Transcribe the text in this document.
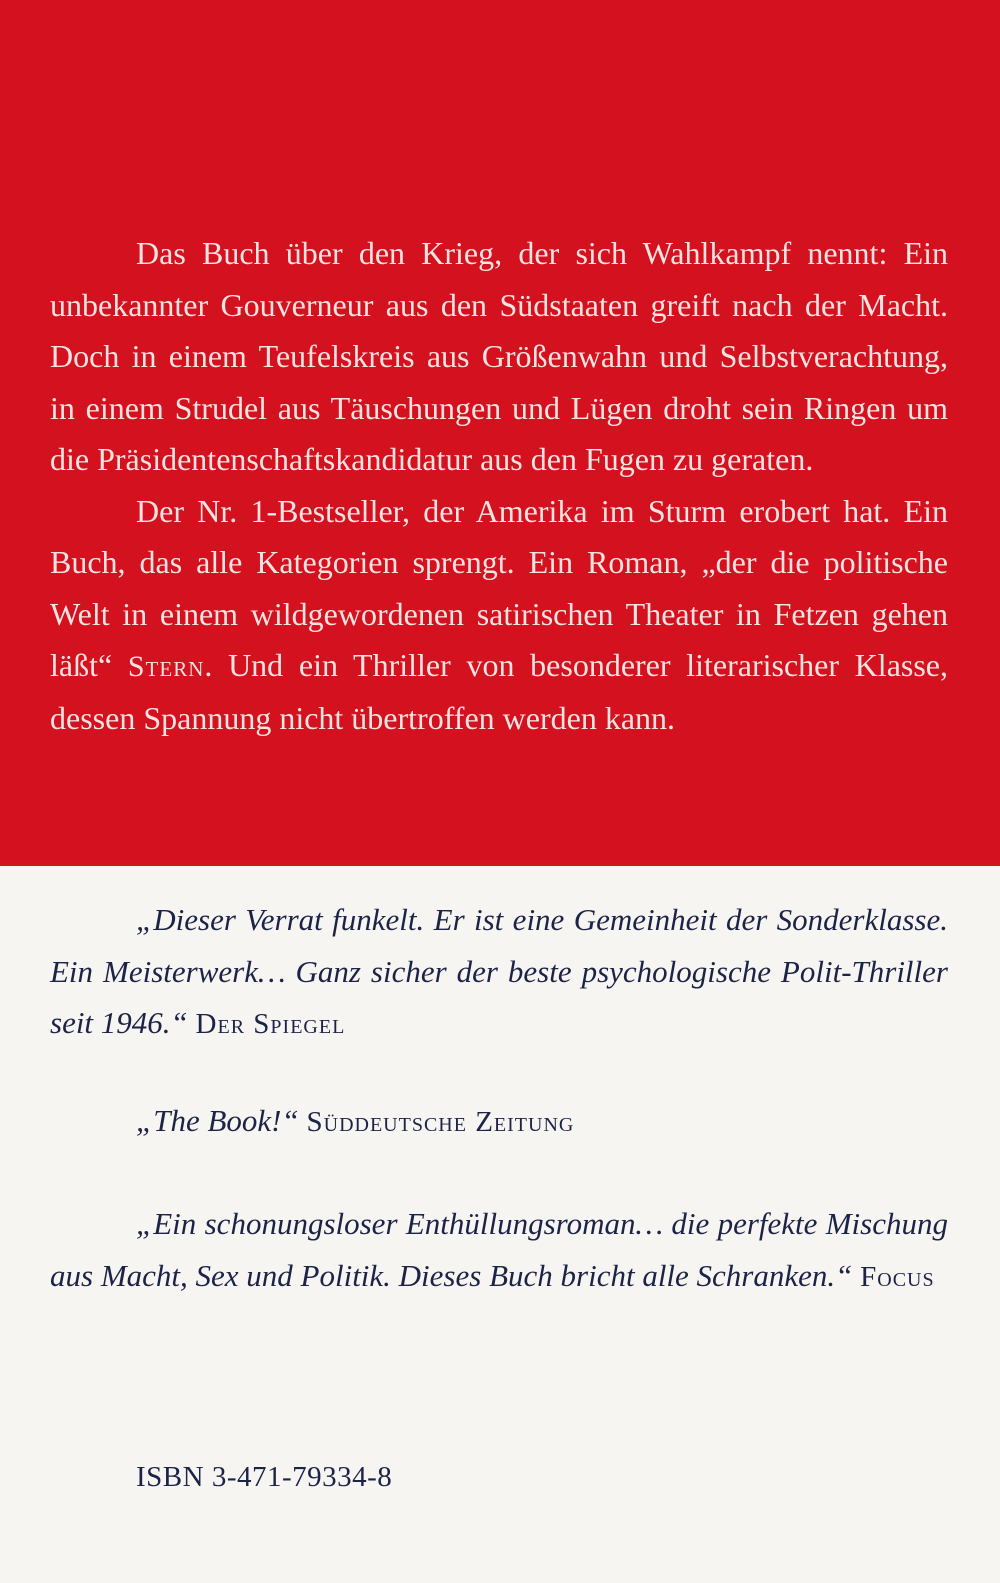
Das Buch über den Krieg, der sich Wahlkampf nennt: Ein unbekannter Gouverneur aus den Südstaaten greift nach der Macht. Doch in einem Teufelskreis aus Größenwahn und Selbstverachtung, in einem Strudel aus Täuschungen und Lügen droht sein Ringen um die Präsidentenschaftskandidatur aus den Fugen zu geraten.

Der Nr. 1-Bestseller, der Amerika im Sturm erobert hat. Ein Buch, das alle Kategorien sprengt. Ein Roman, „der die politische Welt in einem wildgewordenen satirischen Theater in Fetzen gehen läßt“ Stern. Und ein Thriller von besonderer literarischer Klasse, dessen Spannung nicht übertroffen werden kann.

„Dieser Verrat funkelt. Er ist eine Gemeinheit der Sonderklasse. Ein Meisterwerk… Ganz sicher der beste psychologische Polit-Thriller seit 1946.“ Der Spiegel

„The Book!“ Süddeutsche Zeitung

„Ein schonungsloser Enthüllungsroman… die perfekte Mischung aus Macht, Sex und Politik. Dieses Buch bricht alle Schranken.“ Focus

ISBN 3-471-79334-8
